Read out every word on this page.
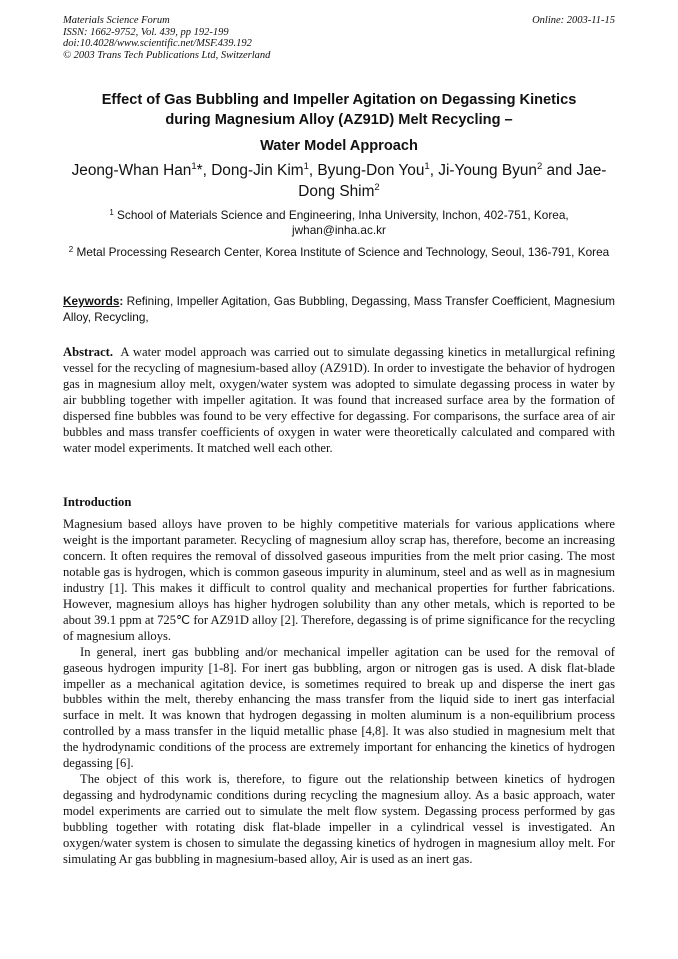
Materials Science Forum
ISSN: 1662-9752, Vol. 439, pp 192-199
doi:10.4028/www.scientific.net/MSF.439.192
© 2003 Trans Tech Publications Ltd, Switzerland
Online: 2003-11-15
Effect of Gas Bubbling and Impeller Agitation on Degassing Kinetics
during Magnesium Alloy (AZ91D) Melt Recycling –
Water Model Approach
Jeong-Whan Han$^1$*, Dong-Jin Kim$^1$, Byung-Don You$^1$, Ji-Young Byun$^2$ and Jae-Dong Shim$^2$
$^1$ School of Materials Science and Engineering, Inha University, Inchon, 402-751, Korea,
jwhan@inha.ac.kr
$^2$ Metal Processing Research Center, Korea Institute of Science and Technology, Seoul, 136-791, Korea
Keywords: Refining, Impeller Agitation, Gas Bubbling, Degassing, Mass Transfer Coefficient, Magnesium Alloy, Recycling,
Abstract.  A water model approach was carried out to simulate degassing kinetics in metallurgical refining vessel for the recycling of magnesium-based alloy (AZ91D). In order to investigate the behavior of hydrogen gas in magnesium alloy melt, oxygen/water system was adopted to simulate degassing process in water by air bubbling together with impeller agitation. It was found that increased surface area by the formation of dispersed fine bubbles was found to be very effective for degassing. For comparisons, the surface area of air bubbles and mass transfer coefficients of oxygen in water were theoretically calculated and compared with water model experiments. It matched well each other.
Introduction

Magnesium based alloys have proven to be highly competitive materials for various applications where weight is the important parameter. Recycling of magnesium alloy scrap has, therefore, become an increasing concern. It often requires the removal of dissolved gaseous impurities from the melt prior casing. The most notable gas is hydrogen, which is common gaseous impurity in aluminum, steel and as well as in magnesium industry [1]. This makes it difficult to control quality and mechanical properties for further fabrications. However, magnesium alloys has higher hydrogen solubility than any other metals, which is reported to be about 39.1 ppm at 725℃ for AZ91D alloy [2]. Therefore, degassing is of prime significance for the recycling of magnesium alloys.

In general, inert gas bubbling and/or mechanical impeller agitation can be used for the removal of gaseous hydrogen impurity [1-8]. For inert gas bubbling, argon or nitrogen gas is used. A disk flat-blade impeller as a mechanical agitation device, is sometimes required to break up and disperse the inert gas bubbles within the melt, thereby enhancing the mass transfer from the liquid side to inert gas interfacial surface in melt. It was known that hydrogen degassing in molten aluminum is a non-equilibrium process controlled by a mass transfer in the liquid metallic phase [4,8]. It was also studied in magnesium melt that the hydrodynamic conditions of the process are extremely important for enhancing the kinetics of hydrogen degassing [6].

The object of this work is, therefore, to figure out the relationship between kinetics of hydrogen degassing and hydrodynamic conditions during recycling the magnesium alloy. As a basic approach, water model experiments are carried out to simulate the melt flow system. Degassing process performed by gas bubbling together with rotating disk flat-blade impeller in a cylindrical vessel is investigated. An oxygen/water system is chosen to simulate the degassing kinetics of hydrogen in magnesium alloy melt. For simulating Ar gas bubbling in magnesium-based alloy, Air is used as an inert gas.
